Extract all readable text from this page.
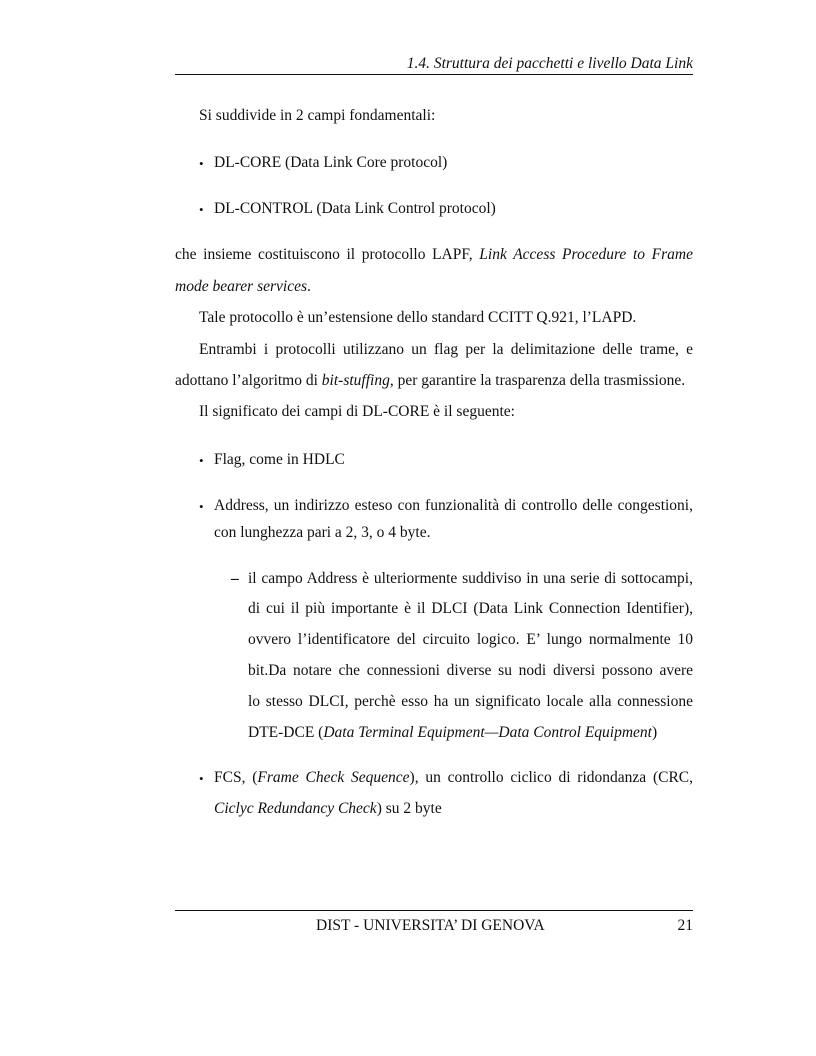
1.4. Struttura dei pacchetti e livello Data Link
Si suddivide in 2 campi fondamentali:
• DL-CORE (Data Link Core protocol)
• DL-CONTROL (Data Link Control protocol)
che insieme costituiscono il protocollo LAPF, Link Access Procedure to Frame
mode bearer services.
Tale protocollo è un’estensione dello standard CCITT Q.921, l’LAPD.
Entrambi i protocolli utilizzano un flag per la delimitazione delle trame, e
adottano l’algoritmo di bit-stuffing, per garantire la trasparenza della trasmissione.
Il significato dei campi di DL-CORE è il seguente:
• Flag, come in HDLC
• Address, un indirizzo esteso con funzionalità di controllo delle congestioni,
con lunghezza pari a 2, 3, o 4 byte.
– il campo Address è ulteriormente suddiviso in una serie di sottocampi,
di cui il più importante è il DLCI (Data Link Connection Identifier),
ovvero l’identificatore del circuito logico. E’ lungo normalmente 10
bit.Da notare che connessioni diverse su nodi diversi possono avere
lo stesso DLCI, perchè esso ha un significato locale alla connessione
DTE-DCE (Data Terminal Equipment—Data Control Equipment)
• FCS, (Frame Check Sequence), un controllo ciclico di ridondanza (CRC,
Ciclyc Redundancy Check) su 2 byte
DIST - UNIVERSITA’ DI GENOVA	21
